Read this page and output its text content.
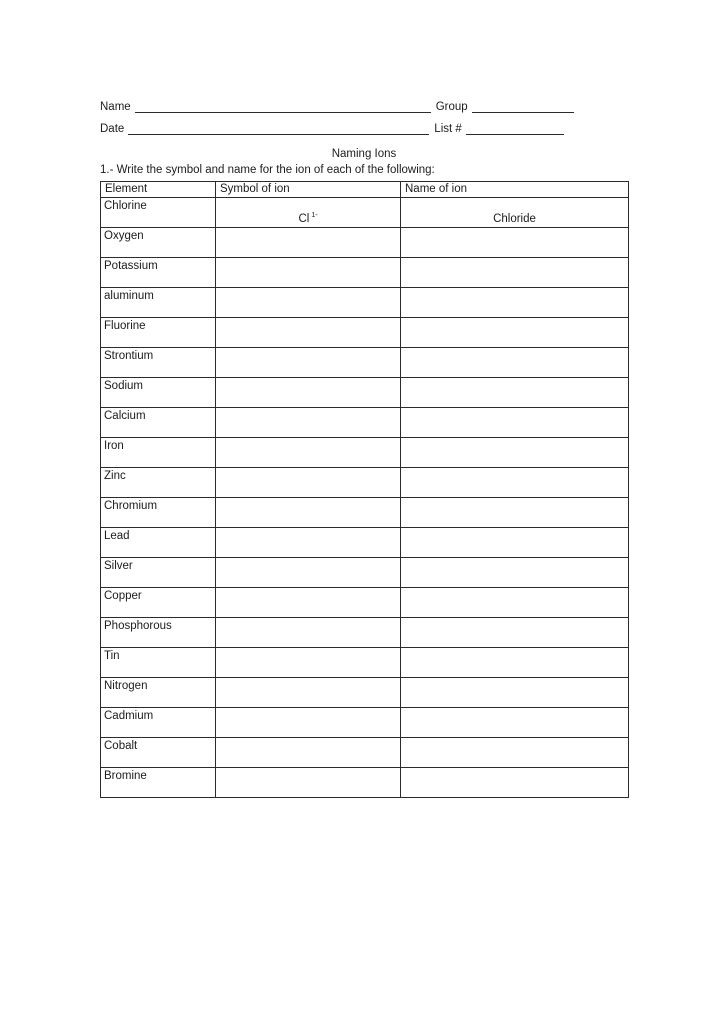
Name	Group
Date	List #
Naming Ions
1.- Write the symbol and name for the ion of each of the following:
Element	Symbol of ion	Name of ion
Chlorine	Cl $^{1-}$	Chloride
Oxygen		
Potassium		
aluminum		
Fluorine		
Strontium		
Sodium		
Calcium		
Iron		
Zinc		
Chromium		
Lead		
Silver		
Copper		
Phosphorous		
Tin		
Nitrogen		
Cadmium		
Cobalt		
Bromine		
